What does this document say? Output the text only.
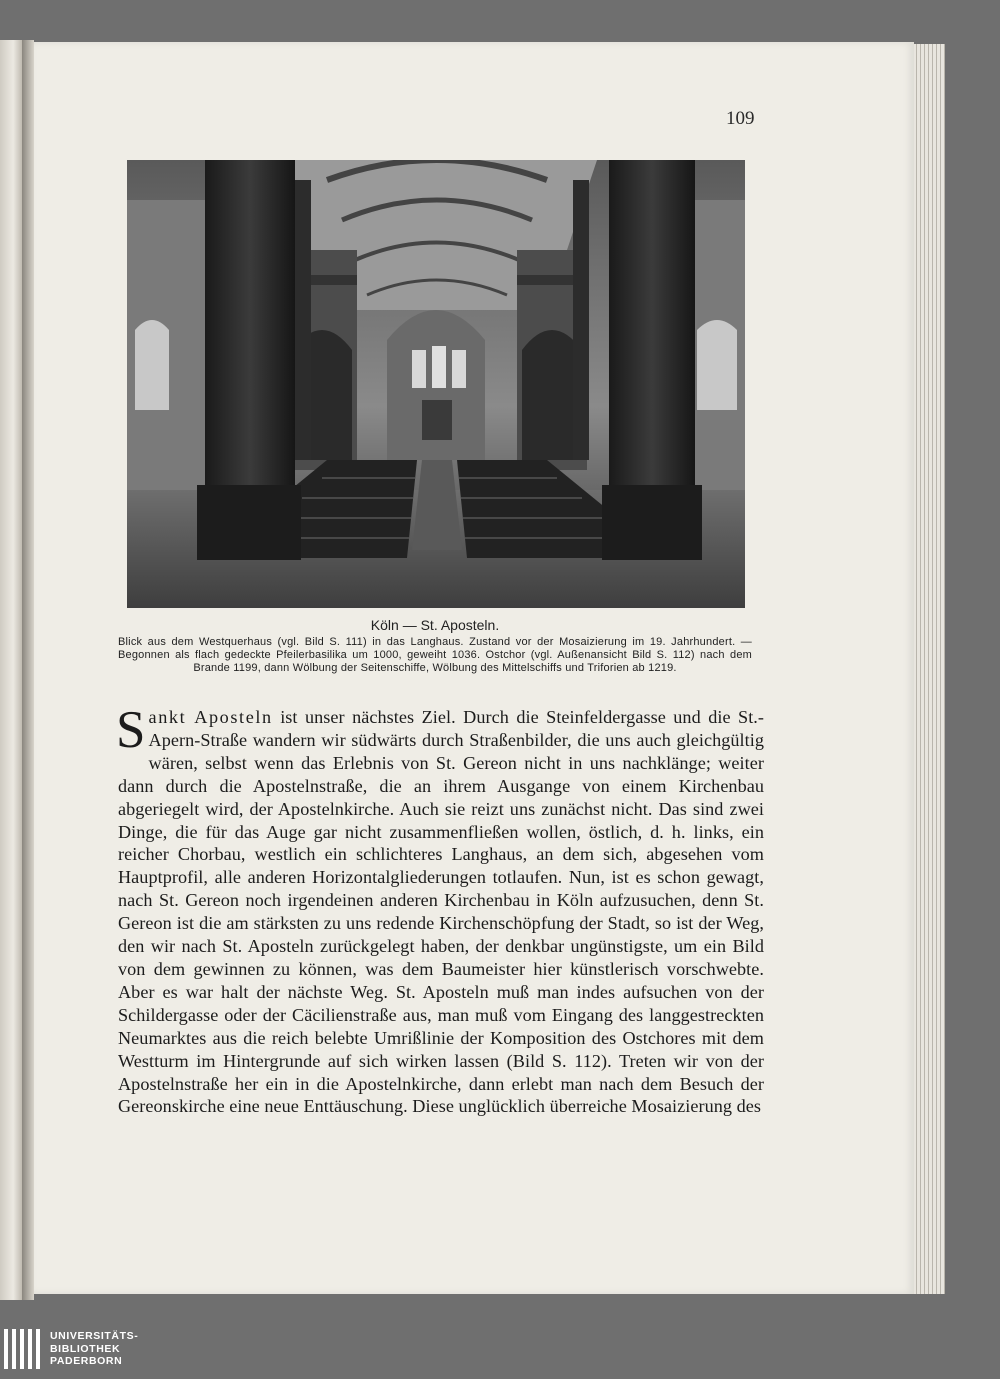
109
Köln — St. Aposteln.
Blick aus dem Westquerhaus (vgl. Bild S. 111) in das Langhaus. Zustand vor der Mosaizierung im 19. Jahrhundert. — Begonnen als flach gedeckte Pfeilerbasilika um 1000, geweiht 1036. Ostchor (vgl. Außenansicht Bild S. 112) nach dem Brande 1199, dann Wölbung der Seitenschiffe, Wölbung des Mittelschiffs und Triforien ab 1219.
Sankt Aposteln ist unser nächstes Ziel. Durch die Steinfeldergasse und die St.-Apern-Straße wandern wir südwärts durch Straßenbilder, die uns auch gleichgültig wären, selbst wenn das Erlebnis von St. Gereon nicht in uns nachklänge; weiter dann durch die Apostelnstraße, die an ihrem Ausgange von einem Kirchenbau abgeriegelt wird, der Apostelnkirche. Auch sie reizt uns zunächst nicht. Das sind zwei Dinge, die für das Auge gar nicht zusammenfließen wollen, östlich, d. h. links, ein reicher Chorbau, westlich ein schlichteres Langhaus, an dem sich, abgesehen vom Hauptprofil, alle anderen Horizontalgliederungen totlaufen. Nun, ist es schon gewagt, nach St. Gereon noch irgendeinen anderen Kirchenbau in Köln aufzusuchen, denn St. Gereon ist die am stärksten zu uns redende Kirchenschöpfung der Stadt, so ist der Weg, den wir nach St. Aposteln zurückgelegt haben, der denkbar ungünstigste, um ein Bild von dem gewinnen zu können, was dem Baumeister hier künstlerisch vorschwebte. Aber es war halt der nächste Weg. St. Aposteln muß man indes aufsuchen von der Schildergasse oder der Cäcilienstraße aus, man muß vom Eingang des langgestreckten Neumarktes aus die reich belebte Umrißlinie der Komposition des Ostchores mit dem Westturm im Hintergrunde auf sich wirken lassen (Bild S. 112). Treten wir von der Apostelnstraße her ein in die Apostelnkirche, dann erlebt man nach dem Besuch der Gereonskirche eine neue Enttäuschung. Diese unglücklich überreiche Mosaizierung des
UNIVERSITÄTS-
BIBLIOTHEK
PADERBORN
